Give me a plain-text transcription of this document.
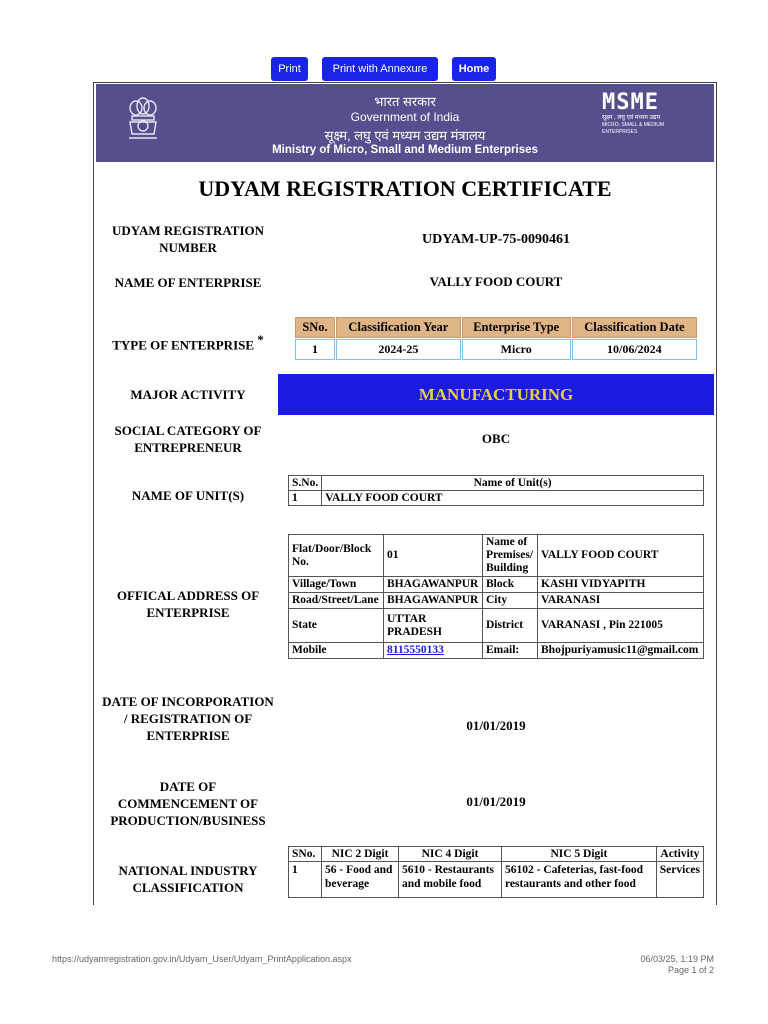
Print	Print with Annexure	Home
भारत सरकार
Government of India
सूक्ष्म, लघु एवं मध्यम उद्यम मंत्रालय
Ministry of Micro, Small and Medium Enterprises
MSME
सूक्ष्म , लघु एवं मध्यम उद्यम
MICRO, SMALL & MEDIUM ENTERPRISES
UDYAM REGISTRATION CERTIFICATE
UDYAM REGISTRATION NUMBER
UDYAM-UP-75-0090461
NAME OF ENTERPRISE	VALLY FOOD COURT
TYPE OF ENTERPRISE *
SNo.	Classification Year	Enterprise Type	Classification Date
1	2024-25	Micro	10/06/2024
MAJOR ACTIVITY	MANUFACTURING
SOCIAL CATEGORY OF ENTREPRENEUR
OBC
NAME OF UNIT(S)
S.No.	Name of Unit(s)
1	VALLY FOOD COURT
OFFICAL ADDRESS OF ENTERPRISE
Flat/Door/Block No.	01	Name of Premises/ Building	VALLY FOOD COURT
Village/Town	BHAGAWANPUR	Block	KASHI VIDYAPITH
Road/Street/Lane	BHAGAWANPUR	City	VARANASI
State	UTTAR PRADESH	District	VARANASI , Pin 221005
Mobile	8115550133	Email:	Bhojpuriyamusic11@gmail.com
DATE OF INCORPORATION / REGISTRATION OF ENTERPRISE
01/01/2019
DATE OF COMMENCEMENT OF PRODUCTION/BUSINESS
01/01/2019
NATIONAL INDUSTRY CLASSIFICATION
SNo.	NIC 2 Digit	NIC 4 Digit	NIC 5 Digit	Activity
1	56 - Food and beverage	5610 - Restaurants and mobile food	56102 - Cafeterias, fast-food restaurants and other food	Services
https://udyamregistration.gov.in/Udyam_User/Udyam_PrintApplication.aspx	06/03/25, 1:19 PM
Page 1 of 2
